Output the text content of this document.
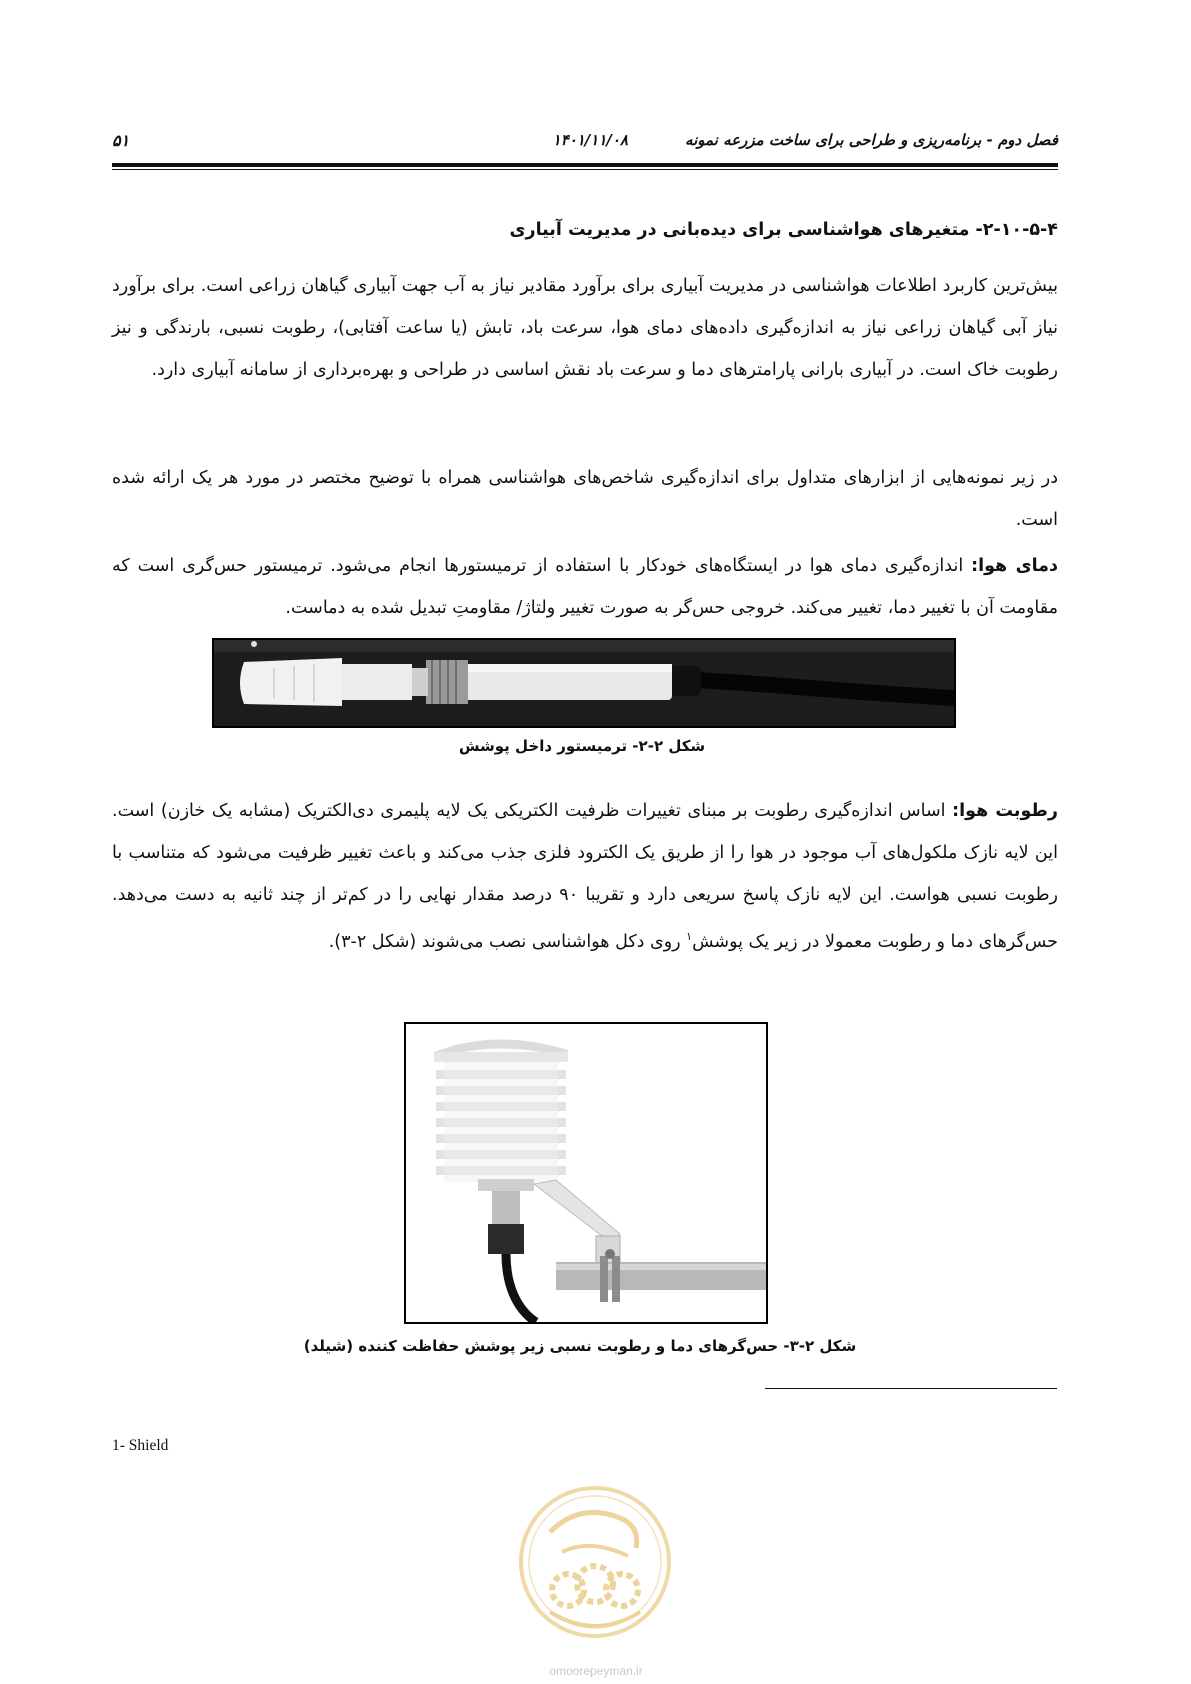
فصل دوم - برنامه‌ریزی و طراحی برای ساخت مزرعه نمونه
۱۴۰۱/۱۱/۰۸
۵۱
۲-۱۰-۵-۴- متغیرهای هواشناسی برای دیده‌بانی در مدیریت آبیاری
بیش‌ترین کاربرد اطلاعات هواشناسی در مدیریت آبیاری برای برآورد مقادیر نیاز به آب جهت آبیاری گیاهان زراعی است. برای برآورد نیاز آبی گیاهان زراعی نیاز به اندازه‌گیری داده‌های دمای هوا، سرعت باد، تابش (یا ساعت آفتابی)، رطوبت نسبی، بارندگی و نیز رطوبت خاک است. در آبیاری بارانی پارامترهای دما و سرعت باد نقش اساسی در طراحی و بهره‌برداری از سامانه آبیاری دارد.
در زیر نمونه‌هایی از ابزارهای متداول برای اندازه‌گیری شاخص‌های هواشناسی همراه با توضیح مختصر در مورد هر یک ارائه شده است.
دمای هوا: اندازه‌گیری دمای هوا در ایستگاه‌های خودکار با استفاده از ترمیستورها انجام می‌شود. ترمیستور حس‌گری است که مقاومت آن با تغییر دما، تغییر می‌کند. خروجی حس‌گر به صورت تغییر ولتاژ/ مقاومتِ تبدیل شده به دماست.
شکل ۲-۲- ترمیستور داخل پوشش
رطوبت هوا: اساس اندازه‌گیری رطوبت بر مبنای تغییرات ظرفیت الکتریکی یک لایه پلیمری دی‌الکتریک (مشابه یک خازن) است. این لایه نازک ملکول‌های آب موجود در هوا را از طریق یک الکترود فلزی جذب می‌کند و باعث تغییر ظرفیت می‌شود که متناسب با رطوبت نسبی هواست. این لایه نازک پاسخ سریعی دارد و تقریبا ۹۰ درصد مقدار نهایی را در کم‌تر از چند ثانیه به دست می‌دهد. حس‌گرهای دما و رطوبت معمولا در زیر یک پوشش$^۱$ روی دکل هواشناسی نصب می‌شوند (شکل ۲-۳).
شکل ۲-۳- حس‌گرهای دما و رطوبت نسبی زیر پوشش حفاظت کننده (شیلد)
1- Shield
omoorepeyman.ir
